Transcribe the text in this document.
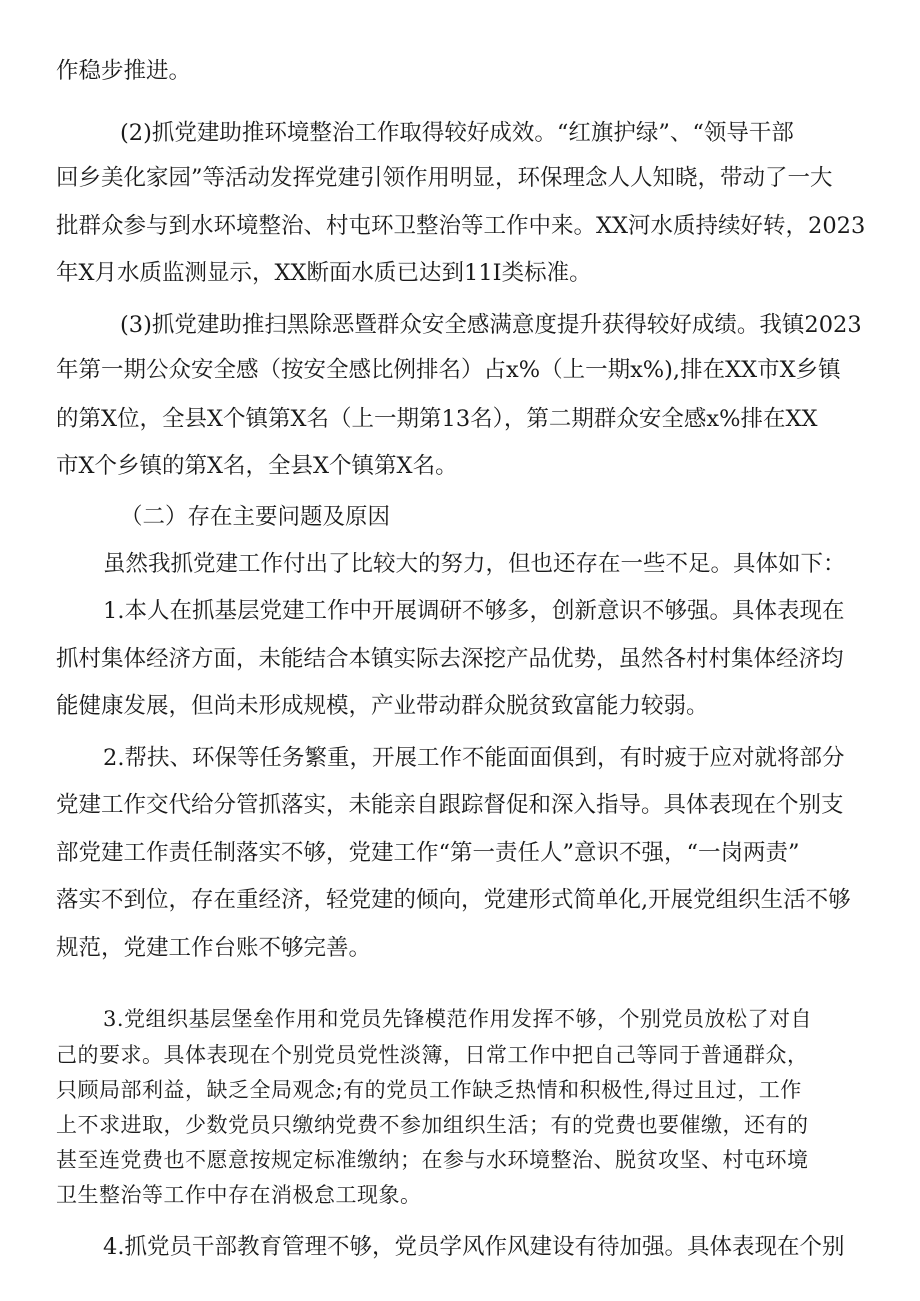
作稳步推进。

(2)抓党建助推环境整治工作取得较好成效。“红旗护绿”、“领导干部

回乡美化家园”等活动发挥党建引领作用明显，环保理念人人知晓，带动了一大

批群众参与到水环境整治、村屯环卫整治等工作中来。XX河水质持续好转，2023

年X月水质监测显示，XX断面水质已达到11I类标准。

(3)抓党建助推扫黑除恶暨群众安全感满意度提升获得较好成绩。我镇2023

年第一期公众安全感（按安全感比例排名）占x%（上一期x%),排在XX市X乡镇

的第X位，全县X个镇第X名（上一期第13名），第二期群众安全感x%排在XX

市X个乡镇的第X名，全县X个镇第X名。

（二）存在主要问题及原因

虽然我抓党建工作付出了比较大的努力，但也还存在一些不足。具体如下：

1.本人在抓基层党建工作中开展调研不够多，创新意识不够强。具体表现在

抓村集体经济方面，未能结合本镇实际去深挖产品优势，虽然各村村集体经济均

能健康发展，但尚未形成规模，产业带动群众脱贫致富能力较弱。

2.帮扶、环保等任务繁重，开展工作不能面面俱到，有时疲于应对就将部分

党建工作交代给分管抓落实，未能亲自跟踪督促和深入指导。具体表现在个别支

部党建工作责任制落实不够，党建工作“第一责任人”意识不强，“一岗两责”

落实不到位，存在重经济，轻党建的倾向，党建形式简单化,开展党组织生活不够

规范，党建工作台账不够完善。

3.党组织基层堡垒作用和党员先锋模范作用发挥不够，个别党员放松了对自

己的要求。具体表现在个别党员党性淡簿，日常工作中把自己等同于普通群众，

只顾局部利益，缺乏全局观念;有的党员工作缺乏热情和积极性,得过且过，工作

上不求进取，少数党员只缴纳党费不参加组织生活；有的党费也要催缴，还有的

甚至连党费也不愿意按规定标准缴纳；在参与水环境整治、脱贫攻坚、村屯环境

卫生整治等工作中存在消极怠工现象。

4.抓党员干部教育管理不够，党员学风作风建设有待加强。具体表现在个别
